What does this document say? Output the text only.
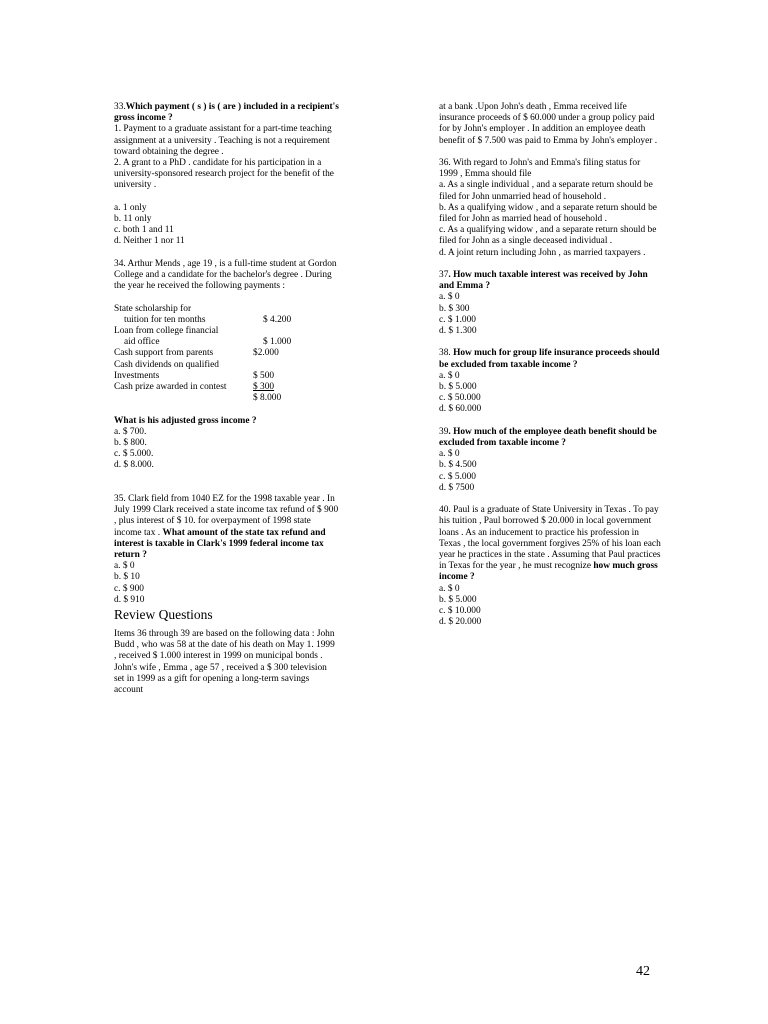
33.Which payment ( s ) is ( are ) included in a recipient's gross income ?

1. Payment to a graduate assistant for a part-time teaching assignment at a university . Teaching is not a requirement toward obtaining the degree .

2. A grant to a PhD . candidate for his participation in a university-sponsored research project for the benefit of the university .

a. 1 only

b. 11 only

c. both 1 and 11

d. Neither 1 nor 11

34. Arthur Mends , age 19 , is a full-time student at Gordon College and a candidate for the bachelor's degree . During the year he received the following payments :

State scholarship for
tuition for ten months	$ 4.200
Loan from college financial
aid office	$ 1.000
Cash support from parents	$2.000
Cash dividends on qualified
Investments	$ 500
Cash prize awarded in contest	$ 300
$ 8.000

What is his adjusted gross income ?

a. $ 700.

b. $ 800.

c. $ 5.000.

d. $ 8.000.

35. Clark field from 1040 EZ for the 1998 taxable year . In July 1999 Clark received a state income tax refund of $ 900 , plus interest of $ 10. for overpayment of 1998 state income tax . What amount of the state tax refund and interest is taxable in Clark's 1999 federal income tax return ?

a. $ 0

b. $ 10

c. $ 900

d. $ 910

Review Questions

Items 36 through 39 are based on the following data : John Budd , who was 58 at the date of his death on May 1. 1999 , received $ 1.000 interest in 1999 on municipal bonds . John's wife , Emma , age 57 , received a $ 300 television set in 1999 as a gift for opening a long-term savings account

at a bank .Upon John's death , Emma received life insurance proceeds of $ 60.000 under a group policy paid for by John's employer . In addition an employee death benefit of $ 7.500 was paid to Emma by John's employer .

36. With regard to John's and Emma's filing status for 1999 , Emma should file

a. As a single individual , and a separate return should be filed for John unmarried head of household .

b. As a qualifying widow , and a separate return should be filed for John as married head of household .

c. As a qualifying widow , and a separate return should be filed for John as a single deceased individual .

d. A joint return including John , as married taxpayers .

37. How much taxable interest was received by John and Emma ?

a. $ 0

b. $ 300

c. $ 1.000

d. $ 1.300

38. How much for group life insurance proceeds should be excluded from taxable income ?

a. $ 0

b. $ 5.000

c. $ 50.000

d. $ 60.000

39. How much of the employee death benefit should be excluded from taxable income ?

a. $ 0

b. $ 4.500

c. $ 5.000

d. $ 7500

40. Paul is a graduate of State University in Texas . To pay his tuition , Paul borrowed $ 20.000 in local government loans . As an inducement to practice his profession in Texas , the local government forgives 25% of his loan each year he practices in the state . Assuming that Paul practices in Texas for the year , he must recognize how much gross income ?

a. $ 0

b. $ 5.000

c. $ 10.000

d. $ 20.000

42
